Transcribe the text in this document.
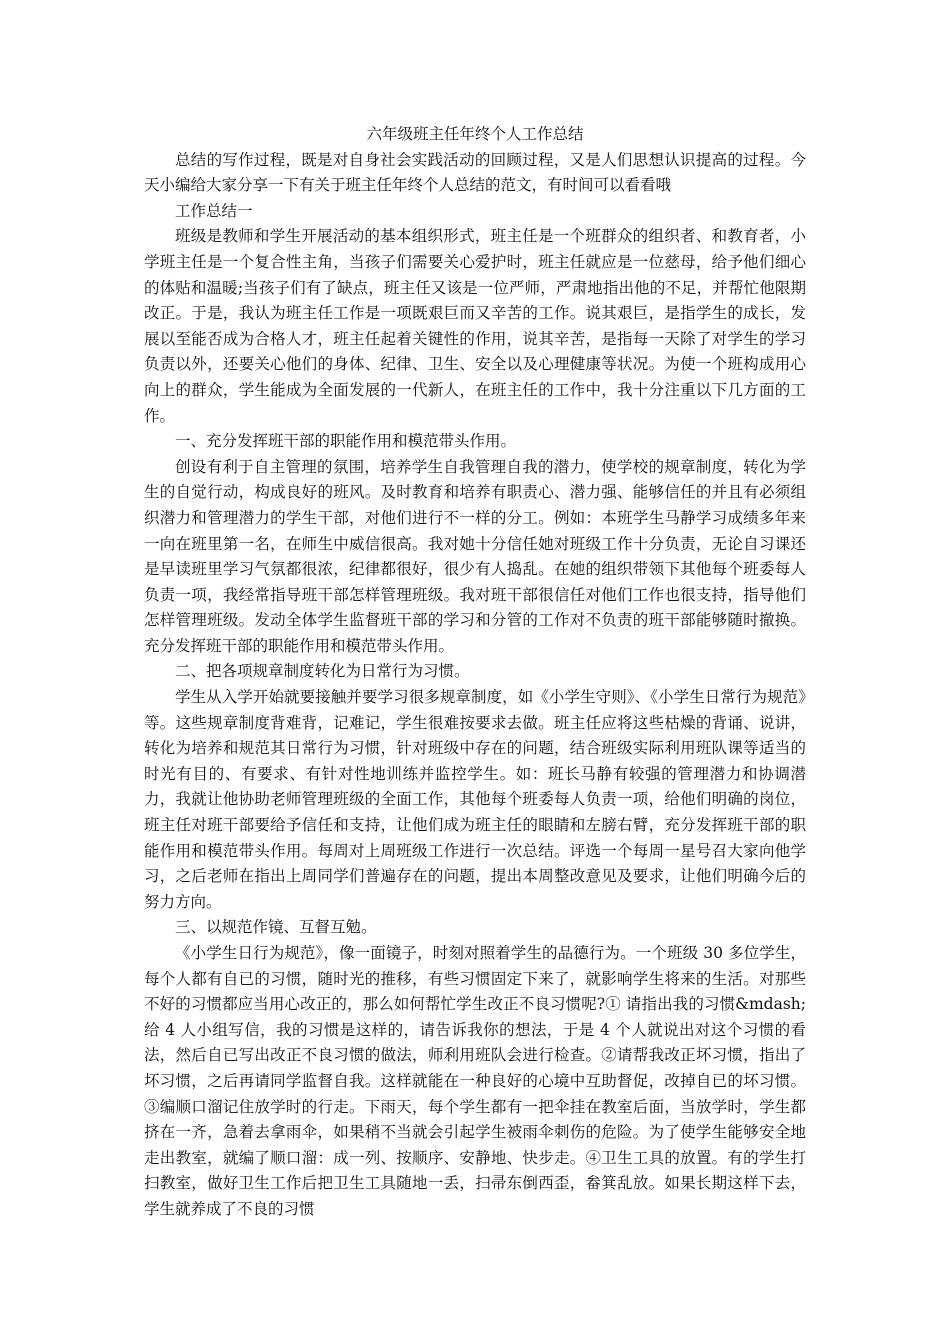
六年级班主任年终个人工作总结

总结的写作过程，既是对自身社会实践活动的回顾过程，又是人们思想认识提高的过程。今天小编给大家分享一下有关于班主任年终个人总结的范文，有时间可以看看哦

工作总结一

班级是教师和学生开展活动的基本组织形式，班主任是一个班群众的组织者、和教育者，小学班主任是一个复合性主角，当孩子们需要关心爱护时，班主任就应是一位慈母，给予他们细心的体贴和温暖;当孩子们有了缺点，班主任又该是一位严师，严肃地指出他的不足，并帮忙他限期改正。于是，我认为班主任工作是一项既艰巨而又辛苦的工作。说其艰巨，是指学生的成长，发展以至能否成为合格人才，班主任起着关键性的作用，说其辛苦，是指每一天除了对学生的学习负责以外，还要关心他们的身体、纪律、卫生、安全以及心理健康等状况。为使一个班构成用心向上的群众，学生能成为全面发展的一代新人，在班主任的工作中，我十分注重以下几方面的工作。

一、充分发挥班干部的职能作用和模范带头作用。

创设有利于自主管理的氛围，培养学生自我管理自我的潜力，使学校的规章制度，转化为学生的自觉行动，构成良好的班风。及时教育和培养有职责心、潜力强、能够信任的并且有必须组织潜力和管理潜力的学生干部，对他们进行不一样的分工。例如：本班学生马静学习成绩多年来一向在班里第一名，在师生中威信很高。我对她十分信任她对班级工作十分负责，无论自习课还是早读班里学习气氛都很浓，纪律都很好，很少有人捣乱。在她的组织带领下其他每个班委每人负责一项，我经常指导班干部怎样管理班级。我对班干部很信任对他们工作也很支持，指导他们怎样管理班级。发动全体学生监督班干部的学习和分管的工作对不负责的班干部能够随时撤换。充分发挥班干部的职能作用和模范带头作用。

二、把各项规章制度转化为日常行为习惯。

学生从入学开始就要接触并要学习很多规章制度，如《小学生守则》、《小学生日常行为规范》等。这些规章制度背难背，记难记，学生很难按要求去做。班主任应将这些枯燥的背诵、说讲，转化为培养和规范其日常行为习惯，针对班级中存在的问题，结合班级实际利用班队课等适当的时光有目的、有要求、有针对性地训练并监控学生。如：班长马静有较强的管理潜力和协调潜力，我就让他协助老师管理班级的全面工作，其他每个班委每人负责一项，给他们明确的岗位，班主任对班干部要给予信任和支持，让他们成为班主任的眼睛和左膀右臂，充分发挥班干部的职能作用和模范带头作用。每周对上周班级工作进行一次总结。评选一个每周一星号召大家向他学习，之后老师在指出上周同学们普遍存在的问题，提出本周整改意见及要求，让他们明确今后的努力方向。

三、以规范作镜、互督互勉。

《小学生日行为规范》，像一面镜子，时刻对照着学生的品德行为。一个班级 30 多位学生，每个人都有自已的习惯，随时光的推移，有些习惯固定下来了，就影响学生将来的生活。对那些不好的习惯都应当用心改正的，那么如何帮忙学生改正不良习惯呢?① 请指出我的习惯&mdash;给 4 人小组写信，我的习惯是这样的，请告诉我你的想法，于是 4 个人就说出对这个习惯的看法，然后自已写出改正不良习惯的做法，师利用班队会进行检查。②请帮我改正坏习惯，指出了坏习惯，之后再请同学监督自我。这样就能在一种良好的心境中互助督促，改掉自已的坏习惯。③编顺口溜记住放学时的行走。下雨天，每个学生都有一把伞挂在教室后面，当放学时，学生都挤在一齐，急着去拿雨伞，如果稍不当就会引起学生被雨伞刺伤的危险。为了使学生能够安全地走出教室，就编了顺口溜：成一列、按顺序、安静地、快步走。④卫生工具的放置。有的学生打扫教室，做好卫生工作后把卫生工具随地一丢，扫帚东倒西歪，畚箕乱放。如果长期这样下去，学生就养成了不良的习惯
